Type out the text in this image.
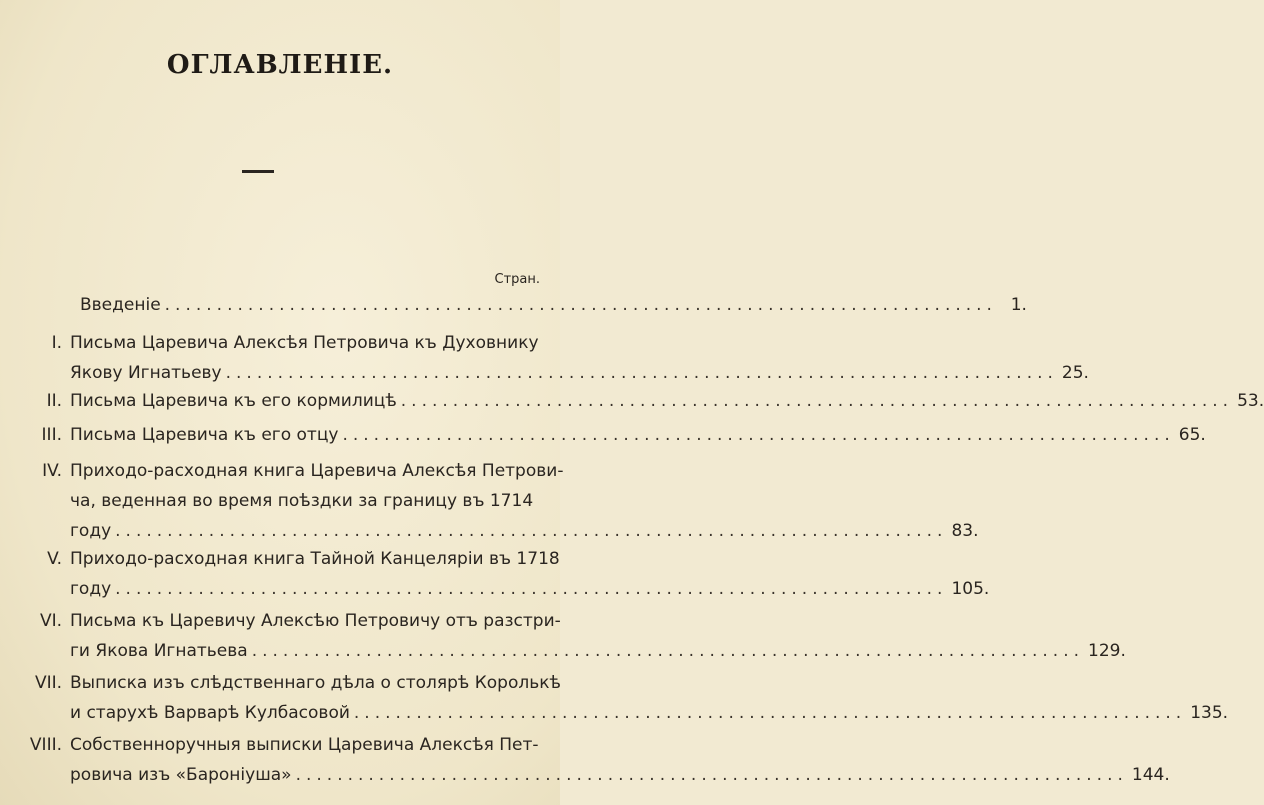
ОГЛАВЛЕНІЕ.
Стран.
Введеніе ................................................................................ 1.
I. Письма Царевича Алексѣя Петровича къ Духовнику
Якову Игнатьеву ................................................................................ 25.
II. Письма Царевича къ его кормилицѣ ................................................................................ 53.
III. Письма Царевича къ его отцу ................................................................................ 65.
IV. Приходо-расходная книга Царевича Алексѣя Петрови-
ча, веденная во время поѣздки за границу въ 1714
году ................................................................................ 83.
V. Приходо-расходная книга Тайной Канцеляріи въ 1718
году ................................................................................ 105.
VI. Письма къ Царевичу Алексѣю Петровичу отъ разстри-
ги Якова Игнатьева ................................................................................ 129.
VII. Выписка изъ слѣдственнаго дѣла о столярѣ Королькѣ
и старухѣ Варварѣ Кулбасовой ................................................................................ 135.
VIII. Собственноручныя выписки Царевича Алексѣя Пет-
ровича изъ «Бароніуша» ................................................................................ 144.
